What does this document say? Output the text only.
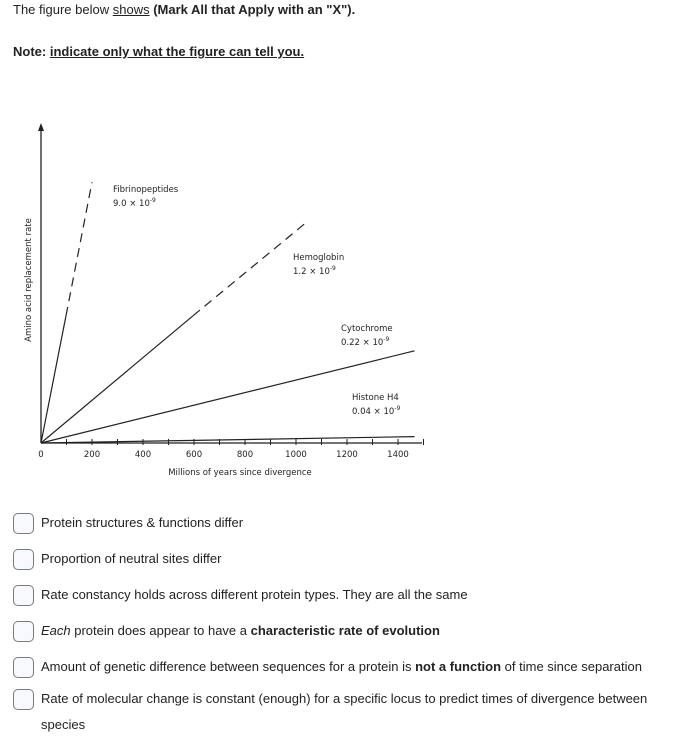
The figure below shows (Mark All that Apply with an "X").
Note: indicate only what the figure can tell you.
0	200	400	600	800	1000	1200	1400
Millions of years since divergence
Amino acid replacement rate
Fibrinopeptides
$9.0 \times 10^{-9}$
Hemoglobin
$1.2 \times 10^{-9}$
Cytochrome
$0.22 \times 10^{-9}$
Histone H4
$0.04 \times 10^{-9}$
Protein structures & functions differ
Proportion of neutral sites differ
Rate constancy holds across different protein types. They are all the same
Each protein does appear to have a characteristic rate of evolution
Amount of genetic difference between sequences for a protein is not a function of time since separation
Rate of molecular change is constant (enough) for a specific locus to predict times of divergence between species
